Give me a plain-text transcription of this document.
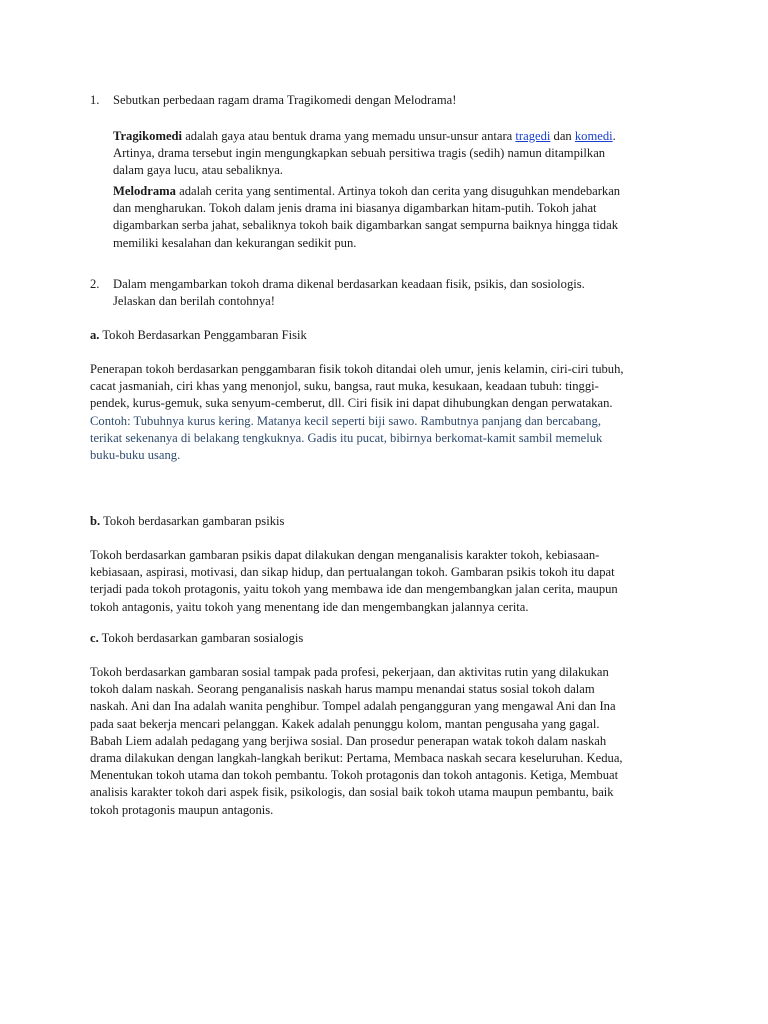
1. Sebutkan perbedaan ragam drama Tragikomedi dengan Melodrama!
Tragikomedi adalah gaya atau bentuk drama yang memadu unsur-unsur antara tragedi dan komedi.
Artinya, drama tersebut ingin mengungkapkan sebuah persitiwa tragis (sedih) namun ditampilkan
dalam gaya lucu, atau sebaliknya.
Melodrama adalah cerita yang sentimental. Artinya tokoh dan cerita yang disuguhkan mendebarkan
dan mengharukan. Tokoh dalam jenis drama ini biasanya digambarkan hitam-putih. Tokoh jahat
digambarkan serba jahat, sebaliknya tokoh baik digambarkan sangat sempurna baiknya hingga tidak
memiliki kesalahan dan kekurangan sedikit pun.
2. Dalam mengambarkan tokoh drama dikenal berdasarkan keadaan fisik, psikis, dan sosiologis.
Jelaskan dan berilah contohnya!
a. Tokoh Berdasarkan Penggambaran Fisik
Penerapan tokoh berdasarkan penggambaran fisik tokoh ditandai oleh umur, jenis kelamin, ciri-ciri tubuh,
cacat jasmaniah, ciri khas yang menonjol, suku, bangsa, raut muka, kesukaan, keadaan tubuh: tinggi-
pendek, kurus-gemuk, suka senyum-cemberut, dll. Ciri fisik ini dapat dihubungkan dengan perwatakan.
Contoh: Tubuhnya kurus kering. Matanya kecil seperti biji sawo. Rambutnya panjang dan bercabang,
terikat sekenanya di belakang tengkuknya. Gadis itu pucat, bibirnya berkomat-kamit sambil memeluk
buku-buku usang.
b. Tokoh berdasarkan gambaran psikis
Tokoh berdasarkan gambaran psikis dapat dilakukan dengan menganalisis karakter tokoh, kebiasaan-
kebiasaan, aspirasi, motivasi, dan sikap hidup, dan pertualangan tokoh. Gambaran psikis tokoh itu dapat
terjadi pada tokoh protagonis, yaitu tokoh yang membawa ide dan mengembangkan jalan cerita, maupun
tokoh antagonis, yaitu tokoh yang menentang ide dan mengembangkan jalannya cerita.
c. Tokoh berdasarkan gambaran sosialogis
Tokoh berdasarkan gambaran sosial tampak pada profesi, pekerjaan, dan aktivitas rutin yang dilakukan
tokoh dalam naskah. Seorang penganalisis naskah harus mampu menandai status sosial tokoh dalam
naskah. Ani dan Ina adalah wanita penghibur. Tompel adalah pengangguran yang mengawal Ani dan Ina
pada saat bekerja mencari pelanggan. Kakek adalah penunggu kolom, mantan pengusaha yang gagal.
Babah Liem adalah pedagang yang berjiwa sosial. Dan prosedur penerapan watak tokoh dalam naskah
drama dilakukan dengan langkah-langkah berikut: Pertama, Membaca naskah secara keseluruhan. Kedua,
Menentukan tokoh utama dan tokoh pembantu. Tokoh protagonis dan tokoh antagonis. Ketiga, Membuat
analisis karakter tokoh dari aspek fisik, psikologis, dan sosial baik tokoh utama maupun pembantu, baik
tokoh protagonis maupun antagonis.
